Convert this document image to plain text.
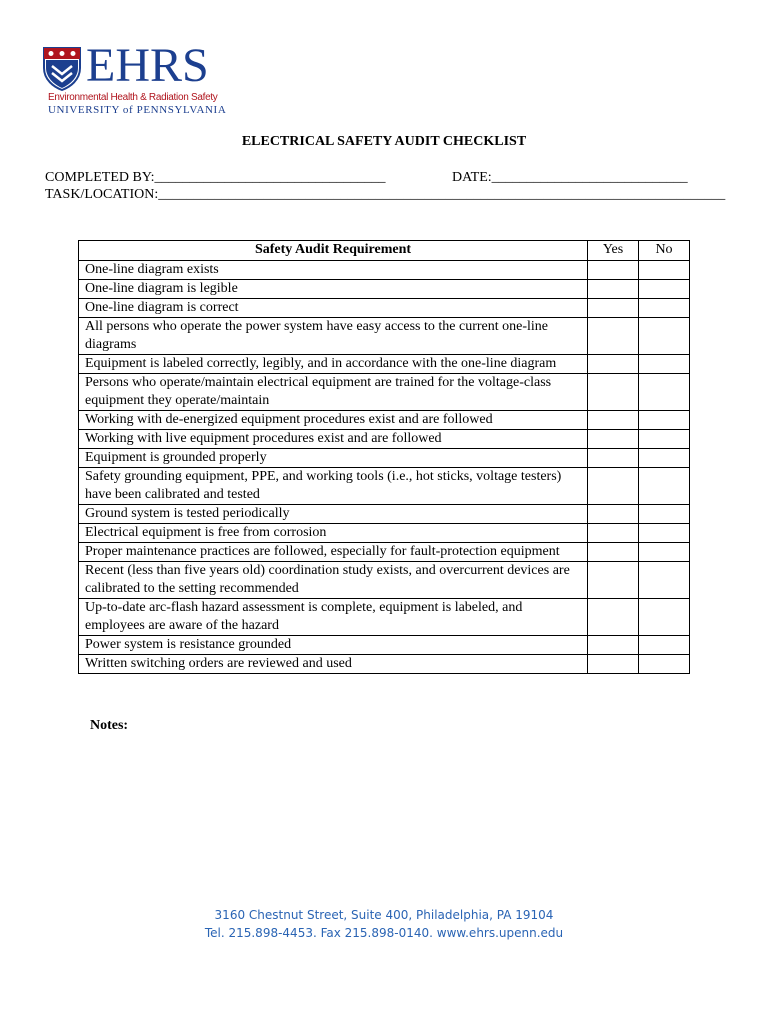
EHRS
Environmental Health & Radiation Safety
UNIVERSITY of PENNSYLVANIA
ELECTRICAL SAFETY AUDIT CHECKLIST
COMPLETED BY:_________________________________	DATE:____________________________
TASK/LOCATION:_________________________________________________________________________________
Safety Audit Requirement	Yes	No
One-line diagram exists		
One-line diagram is legible		
One-line diagram is correct		
All persons who operate the power system have easy access to the current one-line diagrams		
Equipment is labeled correctly, legibly, and in accordance with the one-line diagram		
Persons who operate/maintain electrical equipment are trained for the voltage-class equipment they operate/maintain		
Working with de-energized equipment procedures exist and are followed		
Working with live equipment procedures exist and are followed		
Equipment is grounded properly		
Safety grounding equipment, PPE, and working tools (i.e., hot sticks, voltage testers) have been calibrated and tested		
Ground system is tested periodically		
Electrical equipment is free from corrosion		
Proper maintenance practices are followed, especially for fault-protection equipment		
Recent (less than five years old) coordination study exists, and overcurrent devices are calibrated to the setting recommended		
Up-to-date arc-flash hazard assessment is complete, equipment is labeled, and employees are aware of the hazard		
Power system is resistance grounded		
Written switching orders are reviewed and used		
Notes:
3160 Chestnut Street, Suite 400, Philadelphia, PA 19104
Tel. 215.898-4453. Fax 215.898-0140. www.ehrs.upenn.edu
